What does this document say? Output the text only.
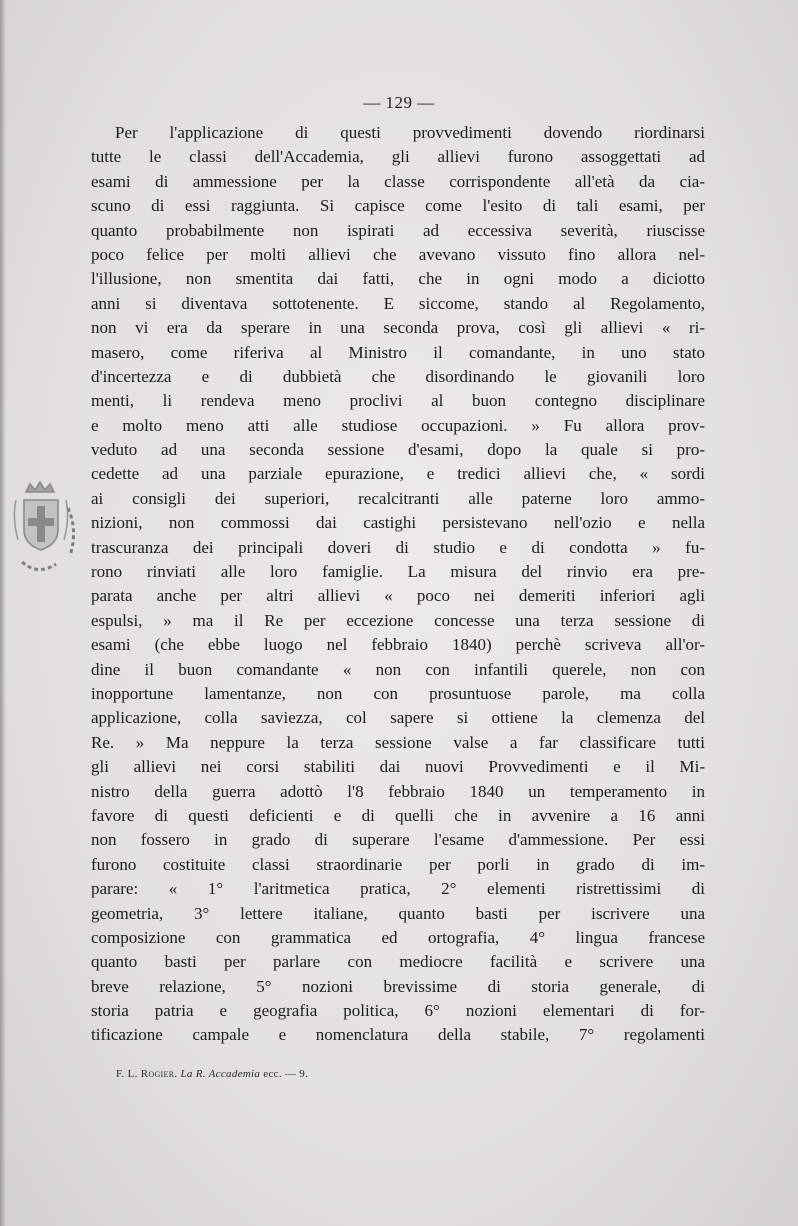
— 129 —
Per l'applicazione di questi provvedimenti dovendo riordinarsi
tutte le classi dell'Accademia, gli allievi furono assoggettati ad
esami di ammessione per la classe corrispondente all'età da cia-
scuno di essi raggiunta. Si capisce come l'esito di tali esami, per
quanto probabilmente non ispirati ad eccessiva severità, riuscisse
poco felice per molti allievi che avevano vissuto fino allora nel-
l'illusione, non smentita dai fatti, che in ogni modo a diciotto
anni si diventava sottotenente. E siccome, stando al Regolamento,
non vi era da sperare in una seconda prova, così gli allievi « ri-
masero, come riferiva al Ministro il comandante, in uno stato
d'incertezza e di dubbietà che disordinando le giovanili loro
menti, li rendeva meno proclivi al buon contegno disciplinare
e molto meno atti alle studiose occupazioni. » Fu allora prov-
veduto ad una seconda sessione d'esami, dopo la quale si pro-
cedette ad una parziale epurazione, e tredici allievi che, « sordi
ai consigli dei superiori, recalcitranti alle paterne loro ammo-
nizioni, non commossi dai castighi persistevano nell'ozio e nella
trascuranza dei principali doveri di studio e di condotta » fu-
rono rinviati alle loro famiglie. La misura del rinvio era pre-
parata anche per altri allievi « poco nei demeriti inferiori agli
espulsi, » ma il Re per eccezione concesse una terza sessione di
esami (che ebbe luogo nel febbraio 1840) perchè scriveva all'or-
dine il buon comandante « non con infantili querele, non con
inopportune lamentanze, non con prosuntuose parole, ma colla
applicazione, colla saviezza, col sapere si ottiene la clemenza del
Re. » Ma neppure la terza sessione valse a far classificare tutti
gli allievi nei corsi stabiliti dai nuovi Provvedimenti e il Mi-
nistro della guerra adottò l'8 febbraio 1840 un temperamento in
favore di questi deficienti e di quelli che in avvenire a 16 anni
non fossero in grado di superare l'esame d'ammessione. Per essi
furono costituite classi straordinarie per porli in grado di im-
parare: « 1° l'aritmetica pratica, 2° elementi ristrettissimi di
geometria, 3° lettere italiane, quanto basti per iscrivere una
composizione con grammatica ed ortografia, 4° lingua francese
quanto basti per parlare con mediocre facilità e scrivere una
breve relazione, 5° nozioni brevissime di storia generale, di
storia patria e geografia politica, 6° nozioni elementari di for-
tificazione campale e nomenclatura della stabile, 7° regolamenti
F. L. Rogier. La R. Accademia ecc. — 9.
